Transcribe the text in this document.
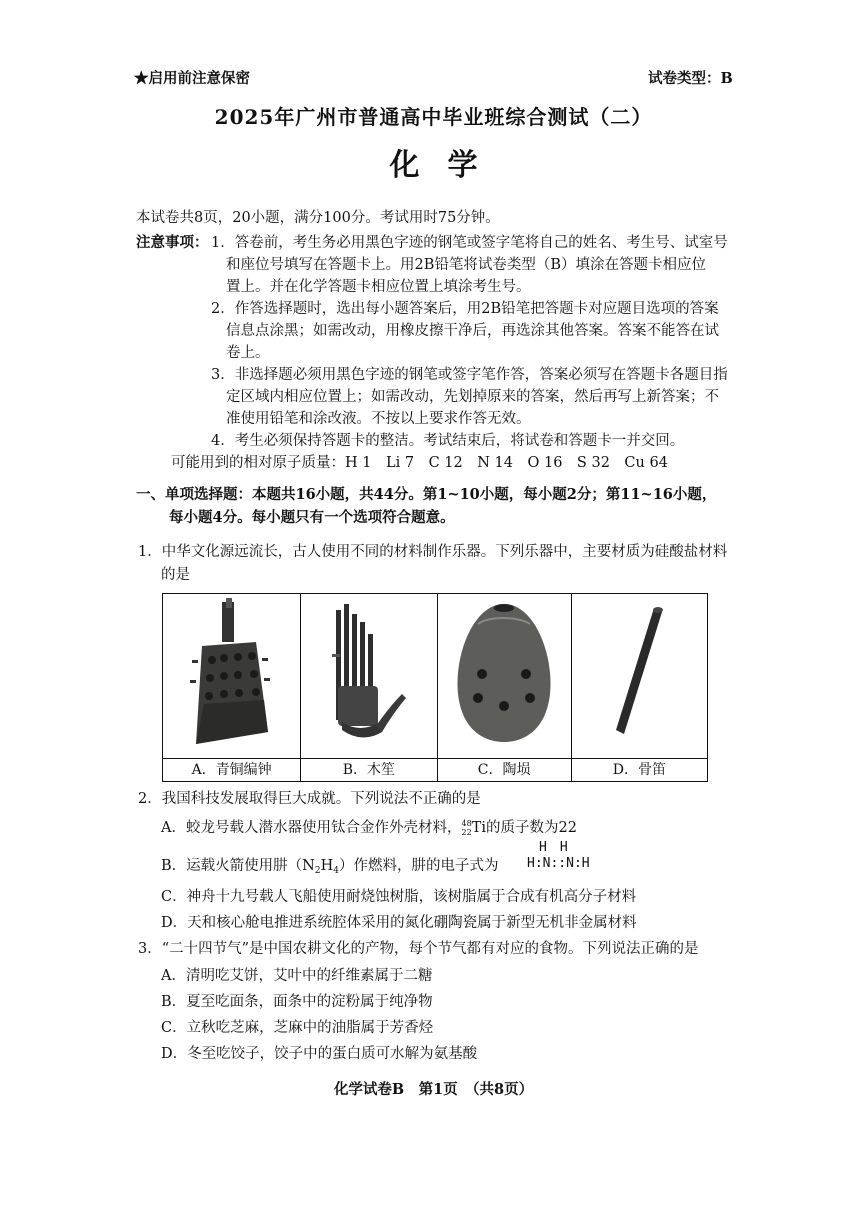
★启用前注意保密	试卷类型：B
2025年广州市普通高中毕业班综合测试（二）
化学
本试卷共8页，20小题，满分100分。考试用时75分钟。
注意事项： 1．答卷前，考生务必用黑色字迹的钢笔或签字笔将自己的姓名、考生号、试室号
和座位号填写在答题卡上。用2B铅笔将试卷类型（B）填涂在答题卡相应位
置上。并在化学答题卡相应位置上填涂考生号。
2．作答选择题时，选出每小题答案后，用2B铅笔把答题卡对应题目选项的答案
信息点涂黑；如需改动，用橡皮擦干净后，再选涂其他答案。答案不能答在试
卷上。
3．非选择题必须用黑色字迹的钢笔或签字笔作答，答案必须写在答题卡各题目指
定区域内相应位置上；如需改动，先划掉原来的答案，然后再写上新答案；不
准使用铅笔和涂改液。不按以上要求作答无效。
4．考生必须保持答题卡的整洁。考试结束后，将试卷和答题卡一并交回。
可能用到的相对原子质量：H 1　Li 7　C 12　N 14　O 16　S 32　Cu 64
一、单项选择题：本题共16小题，共44分。第1~10小题，每小题2分；第11~16小题，
每小题4分。每小题只有一个选项符合题意。
1．中华文化源远流长，古人使用不同的材料制作乐器。下列乐器中，主要材质为硅酸盐材料
的是
A．青铜编钟	B．木笙	C．陶埙	D．骨笛
2．我国科技发展取得巨大成就。下列说法不正确的是
A．蛟龙号载人潜水器使用钛合金作外壳材料， 48
22 Ti的质子数为22
B．运载火箭使用肼$(N_2H_4)$作燃料，肼的电子式为
H　H
H:N::N:H
C．神舟十九号载人飞船使用耐烧蚀树脂，该树脂属于合成有机高分子材料
D．天和核心舱电推进系统腔体采用的氮化硼陶瓷属于新型无机非金属材料
3．“二十四节气”是中国农耕文化的产物，每个节气都有对应的食物。下列说法正确的是
A．清明吃艾饼，艾叶中的纤维素属于二糖
B．夏至吃面条，面条中的淀粉属于纯净物
C．立秋吃芝麻，芝麻中的油脂属于芳香烃
D．冬至吃饺子，饺子中的蛋白质可水解为氨基酸
化学试卷B　第1页　（共8页）
